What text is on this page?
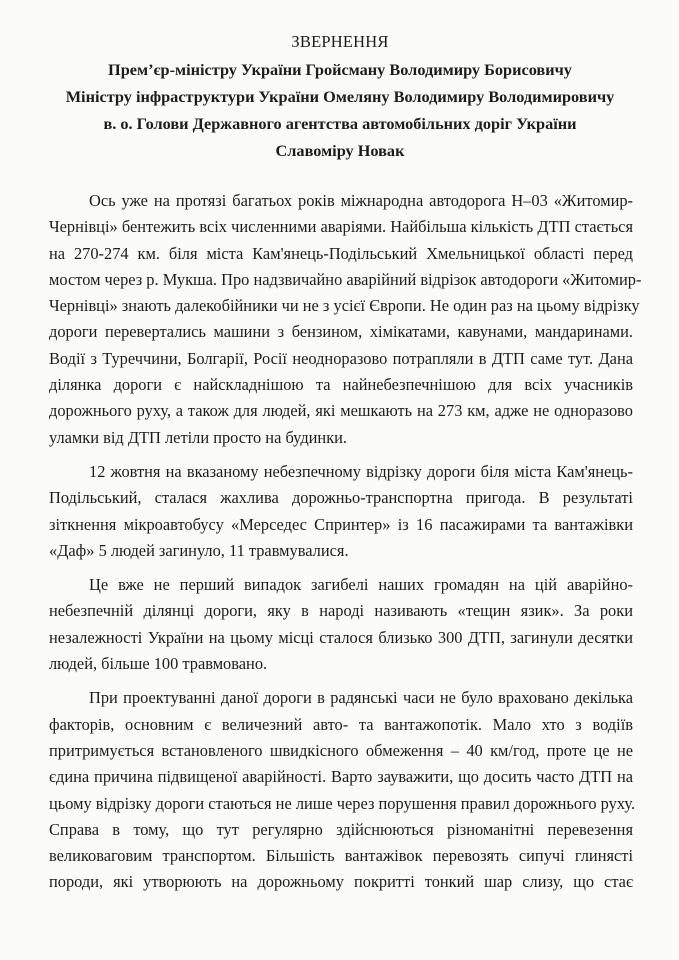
ЗВЕРНЕННЯ
Прем’єр-міністру України Гройсману Володимиру Борисовичу
Міністру інфраструктури України Омеляну Володимиру Володимировичу
в. о. Голови Державного агентства автомобільних доріг України
Славоміру Новак
Ось уже на протязі багатьох років міжнародна автодорога Н–03 «Житомир-
Чернівці» бентежить всіх численними аваріями. Найбільша кількість ДТП стається
на 270-274 км. біля міста Кам'янець-Подільський Хмельницької області перед
мостом через р. Мукша. Про надзвичайно аварійний відрізок автодороги «Житомир-
Чернівці» знають далекобійники чи не з усієї Європи. Не один раз на цьому відрізку
дороги перевертались машини з бензином, хімікатами, кавунами, мандаринами.
Водії з Туреччини, Болгарії, Росії неодноразово потрапляли в ДТП саме тут. Дана
ділянка дороги є найскладнішою та найнебезпечнішою для всіх учасників
дорожнього руху, а також для людей, які мешкають на 273 км, адже не одноразово
уламки від ДТП летіли просто на будинки.
12 жовтня на вказаному небезпечному відрізку дороги біля міста Кам'янець-
Подільський, сталася жахлива дорожньо-транспортна пригода. В результаті
зіткнення мікроавтобусу «Мерседес Спринтер» із 16 пасажирами та вантажівки
«Даф» 5 людей загинуло, 11 травмувалися.
Це вже не перший випадок загибелі наших громадян на цій аварійно-
небезпечній ділянці дороги, яку в народі називають «тещин язик». За роки
незалежності України на цьому місці сталося близько 300 ДТП, загинули десятки
людей, більше 100 травмовано.
При проектуванні даної дороги в радянські часи не було враховано декілька
факторів, основним є величезний авто- та вантажопотік. Мало хто з водіїв
притримується встановленого швидкісного обмеження – 40 км/год, проте це не
єдина причина підвищеної аварійності. Варто зауважити, що досить часто ДТП на
цьому відрізку дороги стаються не лише через порушення правил дорожнього руху.
Справа в тому, що тут регулярно здійснюються різноманітні перевезення
великоваговим транспортом. Більшість вантажівок перевозять сипучі глинясті
породи, які утворюють на дорожньому покритті тонкий шар слизу, що стає
